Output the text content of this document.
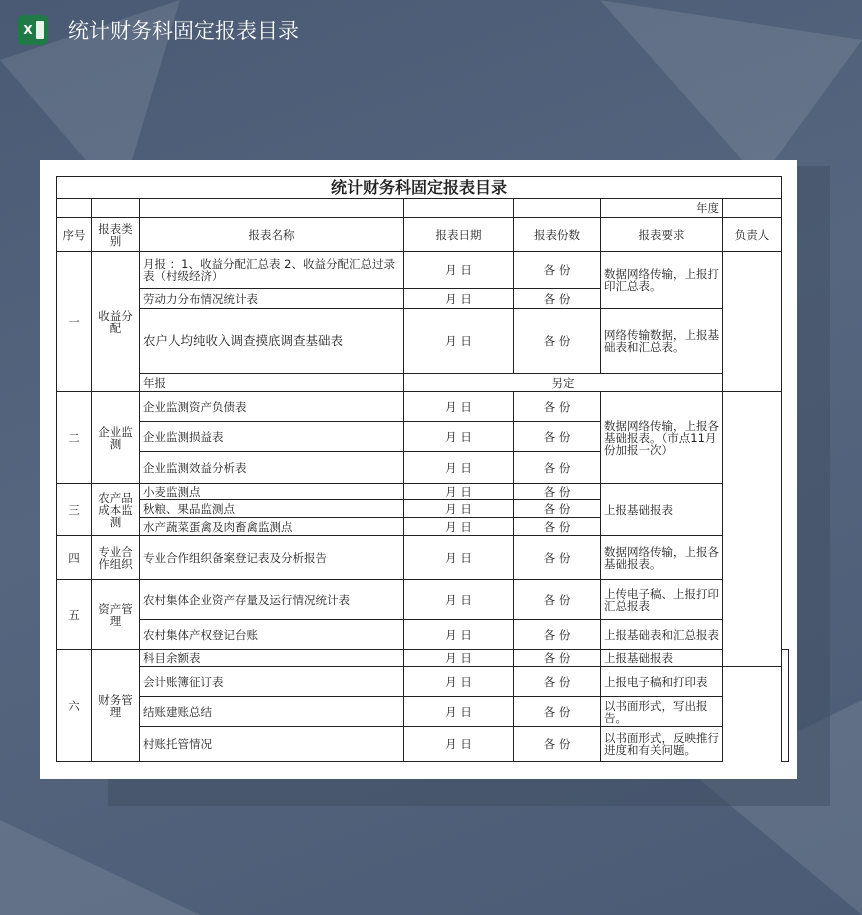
X 统计财务科固定报表目录
统计财务科固定报表目录							
					年度		
序号	报表类别	报表名称	报表日期	报表份数	报表要求	负责人	
一	收益分配	月报 ：1、收益分配汇总表 2、收益分配汇总过录表（村级经济）	月 日	各 份	数据网络传输，上报打印汇总表。		
		劳动力分布情况统计表	月 日	各 份			
		农户人均纯收入调查摸底调查基础表	月 日	各 份	网络传输数据，上报基础表和汇总表。		
		年报	另定				
二	企业监测	企业监测资产负债表	月 日	各 份	数据网络传输，上报各基础报表。（市点11月份加报一次）		
		企业监测损益表	月 日	各 份			
		企业监测效益分析表	月 日	各 份			
三	农产品成本监测	小麦监测点	月 日	各 份	上报基础报表		
		秋粮、果品监测点	月 日	各 份			
		水产蔬菜蛋禽及肉畜禽监测点	月 日	各 份			
四	专业合作组织	专业合作组织备案登记表及分析报告	月 日	各 份	数据网络传输，上报各基础报表。		
五	资产管理	农村集体企业资产存量及运行情况统计表	月 日	各 份	上传电子稿、上报打印汇总报表		
		农村集体产权登记台账	月 日	各 份	上报基础表和汇总报表		
六	财务管理	科目余额表	月 日	各 份	上报基础报表		
		会计账簿征订表	月 日	各 份	上报电子稿和打印表		
		结账建账总结	月 日	各 份	以书面形式，写出报告。		
		村账托管情况	月 日	各 份	以书面形式，反映推行进度和有关问题。		
